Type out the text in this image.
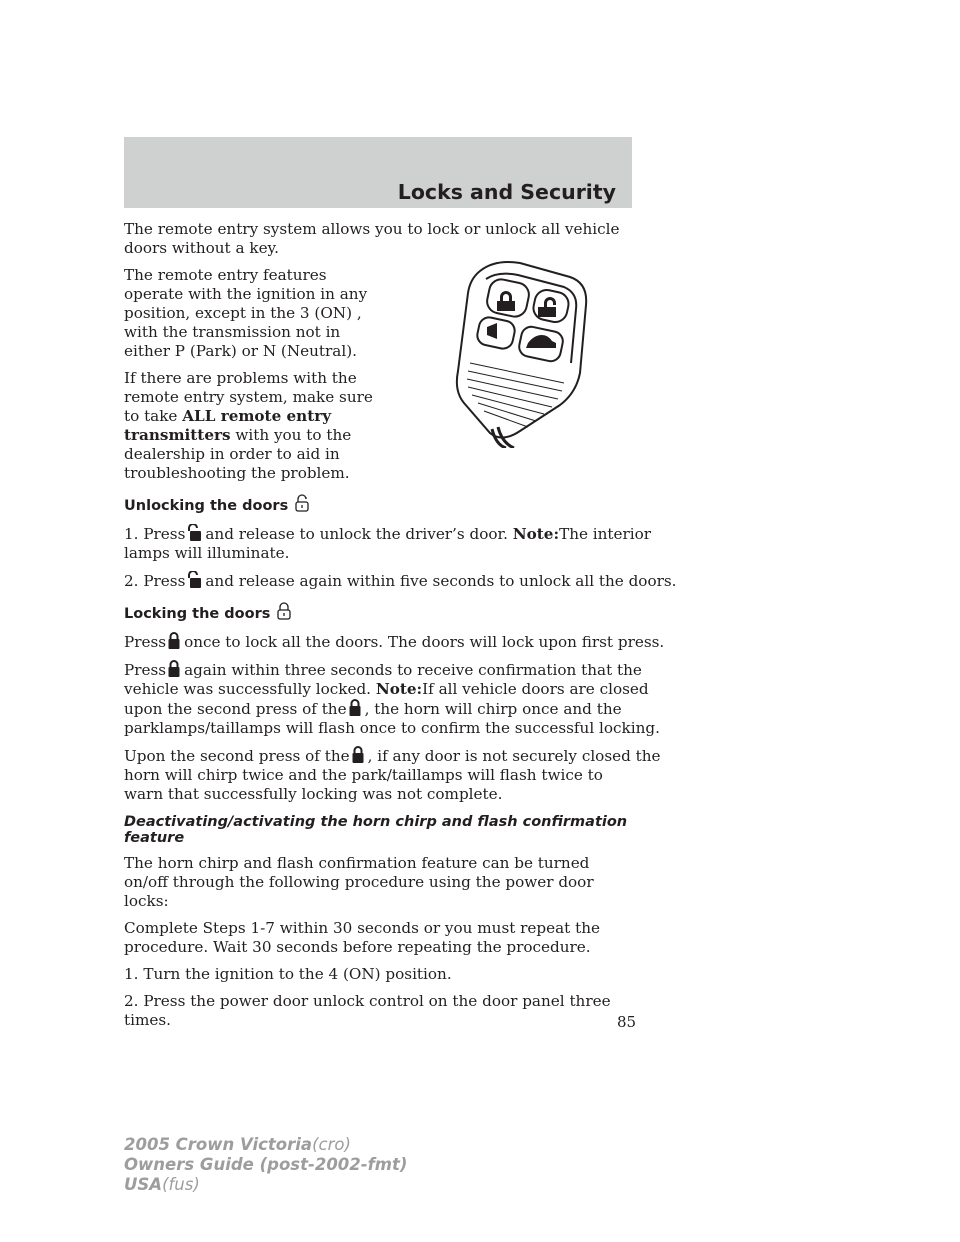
Locks and Security

The remote entry system allows you to lock or unlock all vehicle doors without a key.

The remote entry features operate with the ignition in any position, except in the 3 (ON) , with the transmission not in either P (Park) or N (Neutral).

If there are problems with the remote entry system, make sure to take ALL remote entry transmitters with you to the dealership in order to aid in troubleshooting the problem.

Unlocking the doors

1. Press and release to unlock the driver’s door. Note:The interior
lamps will illuminate.

2. Press and release again within five seconds to unlock all the doors.

Locking the doors

Press once to lock all the doors. The doors will lock upon first press.

Press again within three seconds to receive confirmation that the
vehicle was successfully locked. Note:If all vehicle doors are closed
upon the second press of the , the horn will chirp once and the
parklamps/taillamps will flash once to confirm the successful locking.

Upon the second press of the , if any door is not securely closed the
horn will chirp twice and the park/taillamps will flash twice to warn that successfully locking was not complete.

Deactivating/activating the horn chirp and flash confirmation feature

The horn chirp and flash confirmation feature can be turned on/off through the following procedure using the power door locks:

Complete Steps 1-7 within 30 seconds or you must repeat the procedure. Wait 30 seconds before repeating the procedure.

1. Turn the ignition to the 4 (ON) position.

2. Press the power door unlock control on the door panel three times.	85
2005 Crown Victoria(cro)
Owners Guide (post-2002-fmt)
USA(fus)
